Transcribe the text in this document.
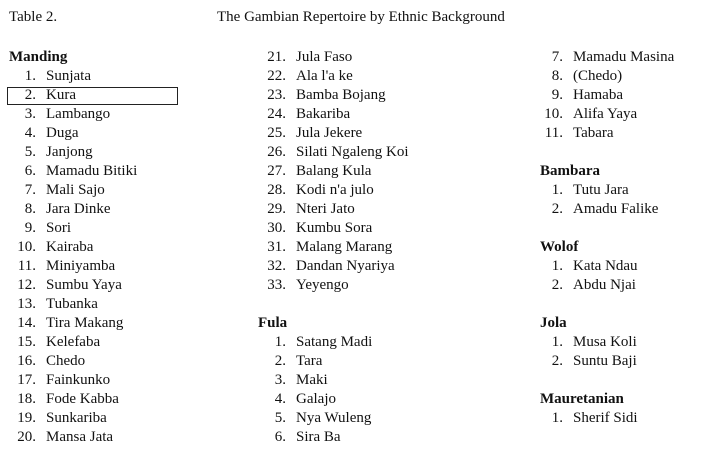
Table 2.	The Gambian Repertoire by Ethnic Background
Manding
1. Sunjata
2. Kura
3. Lambango
4. Duga
5. Janjong
6. Mamadu Bitiki
7. Mali Sajo
8. Jara Dinke
9. Sori
10. Kairaba
11. Miniyamba
12. Sumbu Yaya
13. Tubanka
14. Tira Makang
15. Kelefaba
16. Chedo
17. Fainkunko
18. Fode Kabba
19. Sunkariba
20. Mansa Jata
21. Jula Faso
22. Ala l'a ke
23. Bamba Bojang
24. Bakariba
25. Jula Jekere
26. Silati Ngaleng Koi
27. Balang Kula
28. Kodi n'a julo
29. Nteri Jato
30. Kumbu Sora
31. Malang Marang
32. Dandan Nyariya
33. Yeyengo
Fula
1. Satang Madi
2. Tara
3. Maki
4. Galajo
5. Nya Wuleng
6. Sira Ba
7. Mamadu Masina
8. (Chedo)
9. Hamaba
10. Alifa Yaya
11. Tabara
Bambara
1. Tutu Jara
2. Amadu Falike
Wolof
1. Kata Ndau
2. Abdu Njai
Jola
1. Musa Koli
2. Suntu Baji
Mauretanian
1. Sherif Sidi
